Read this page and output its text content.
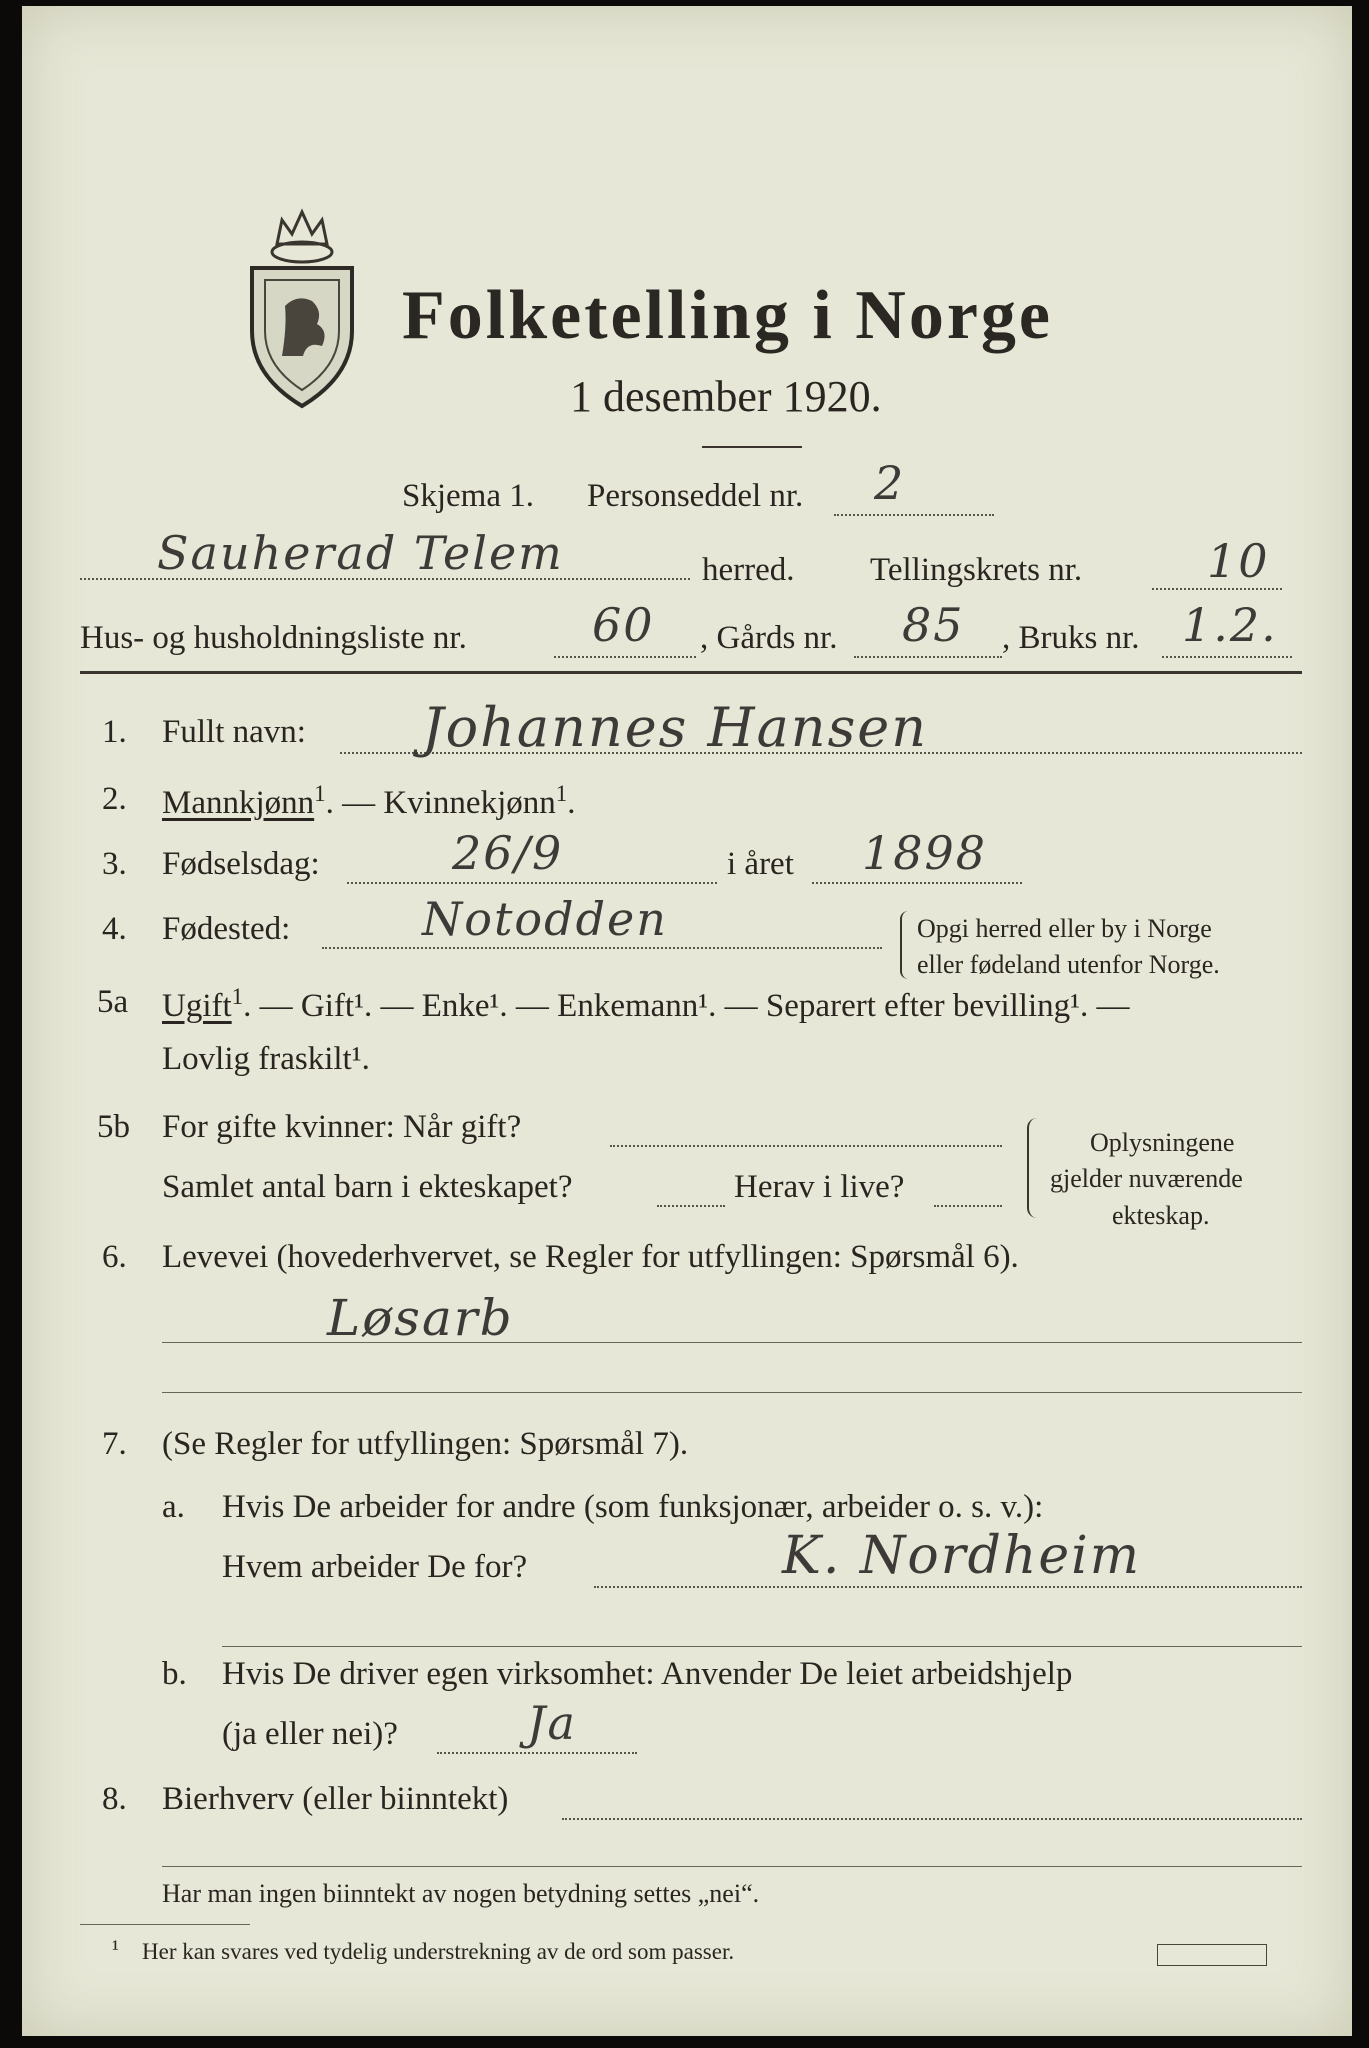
Folketelling i Norge
1 desember 1920.
Skjema 1. Personseddel nr. 2
Sauherad Telem	herred. Tellingskrets nr.	10
Hus- og husholdningsliste nr.	60 , Gårds nr. 85 , Bruks nr. 1.2.
1. Fullt navn: Johannes Hansen
2. Mannkjønn$^1$. — Kvinnekjønn$^1$.
3. Fødselsdag:	26/9	i året 1898
4. Fødested:	Notodden	Opgi herred eller by i Norge
eller fødeland utenfor Norge.
5a Ugift$^1$. — Gift¹. — Enke¹. — Enkemann¹. — Separert efter bevilling¹. —
Lovlig fraskilt¹.
5b For gifte kvinner: Når gift?
Samlet antal barn i ekteskapet?	Herav i live?
Oplysningene
gjelder nuværende
ekteskap.
6. Levevei (hovederhvervet, se Regler for utfyllingen: Spørsmål 6).
Løsarb
7. (Se Regler for utfyllingen: Spørsmål 7).
a. Hvis De arbeider for andre (som funksjonær, arbeider o. s. v.):
Hvem arbeider De for?	K. Nordheim
b. Hvis De driver egen virksomhet: Anvender De leiet arbeidshjelp
(ja eller nei)?	Ja
8. Bierhverv (eller biinntekt)
Har man ingen biinntekt av nogen betydning settes „nei“.
¹ Her kan svares ved tydelig understrekning av de ord som passer.
